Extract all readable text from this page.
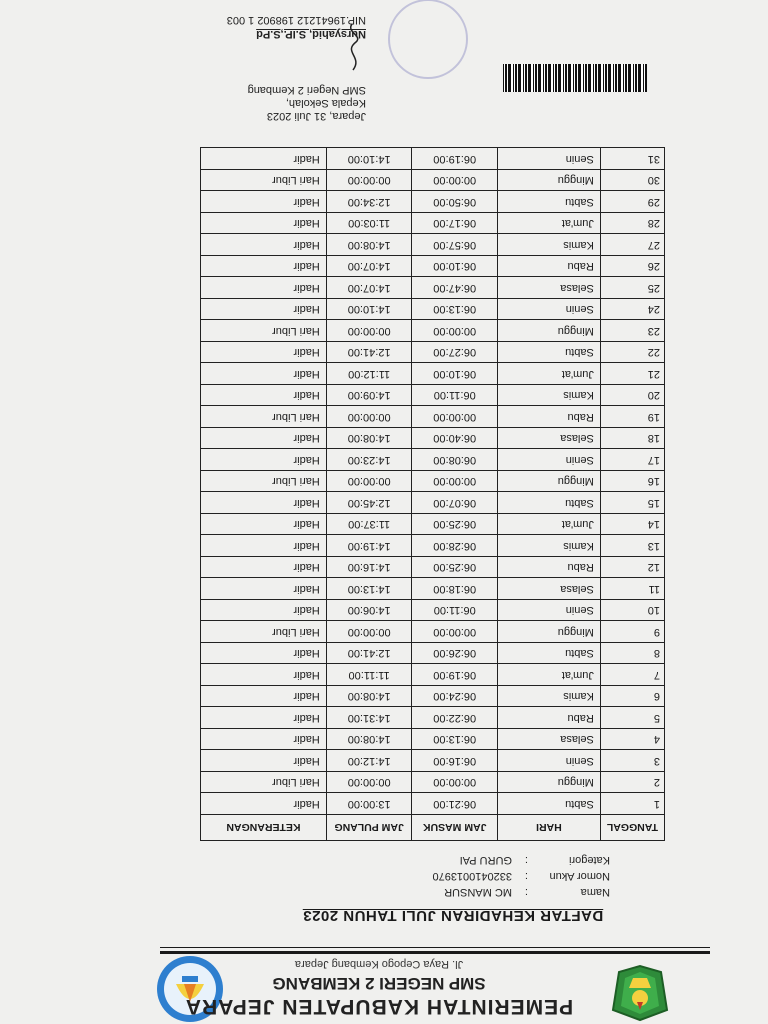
PEMERINTAH KABUPATEN JEPARA
SMP NEGERI 2 KEMBANG
Jl. Raya Cepogo Kembang Jepara
DAFTAR KEHADIRAN JULI TAHUN 2023
Nama
:
MC MANSUR
Nomor Akun
:
3320410013970
Kategori
:
GURU PAI
TANGGAL	HARI	JAM MASUK	JAM PULANG	KETERANGAN
1	Sabtu	06:21:00	13:00:00	Hadir
2	Minggu	00:00:00	00:00:00	Hari Libur
3	Senin	06:16:00	14:12:00	Hadir
4	Selasa	06:13:00	14:08:00	Hadir
5	Rabu	06:22:00	14:31:00	Hadir
6	Kamis	06:24:00	14:08:00	Hadir
7	Jum'at	06:19:00	11:11:00	Hadir
8	Sabtu	06:26:00	12:41:00	Hadir
9	Minggu	00:00:00	00:00:00	Hari Libur
10	Senin	06:11:00	14:06:00	Hadir
11	Selasa	06:18:00	14:13:00	Hadir
12	Rabu	06:25:00	14:16:00	Hadir
13	Kamis	06:28:00	14:19:00	Hadir
14	Jum'at	06:25:00	11:37:00	Hadir
15	Sabtu	06:07:00	12:45:00	Hadir
16	Minggu	00:00:00	00:00:00	Hari Libur
17	Senin	06:08:00	14:23:00	Hadir
18	Selasa	06:40:00	14:08:00	Hadir
19	Rabu	00:00:00	00:00:00	Hari Libur
20	Kamis	06:11:00	14:09:00	Hadir
21	Jum'at	06:10:00	11:12:00	Hadir
22	Sabtu	06:27:00	12:41:00	Hadir
23	Minggu	00:00:00	00:00:00	Hari Libur
24	Senin	06:13:00	14:10:00	Hadir
25	Selasa	06:47:00	14:07:00	Hadir
26	Rabu	06:10:00	14:07:00	Hadir
27	Kamis	06:57:00	14:08:00	Hadir
28	Jum'at	06:17:00	11:03:00	Hadir
29	Sabtu	06:50:00	12:34:00	Hadir
30	Minggu	00:00:00	00:00:00	Hari Libur
31	Senin	06:19:00	14:10:00	Hadir
Jepara, 31 Juli 2023
Kepala Sekolah,
SMP Negeri 2 Kembang
Nursyahid, S.IP.,S.Pd
NIP.19641212 198902 1 003
